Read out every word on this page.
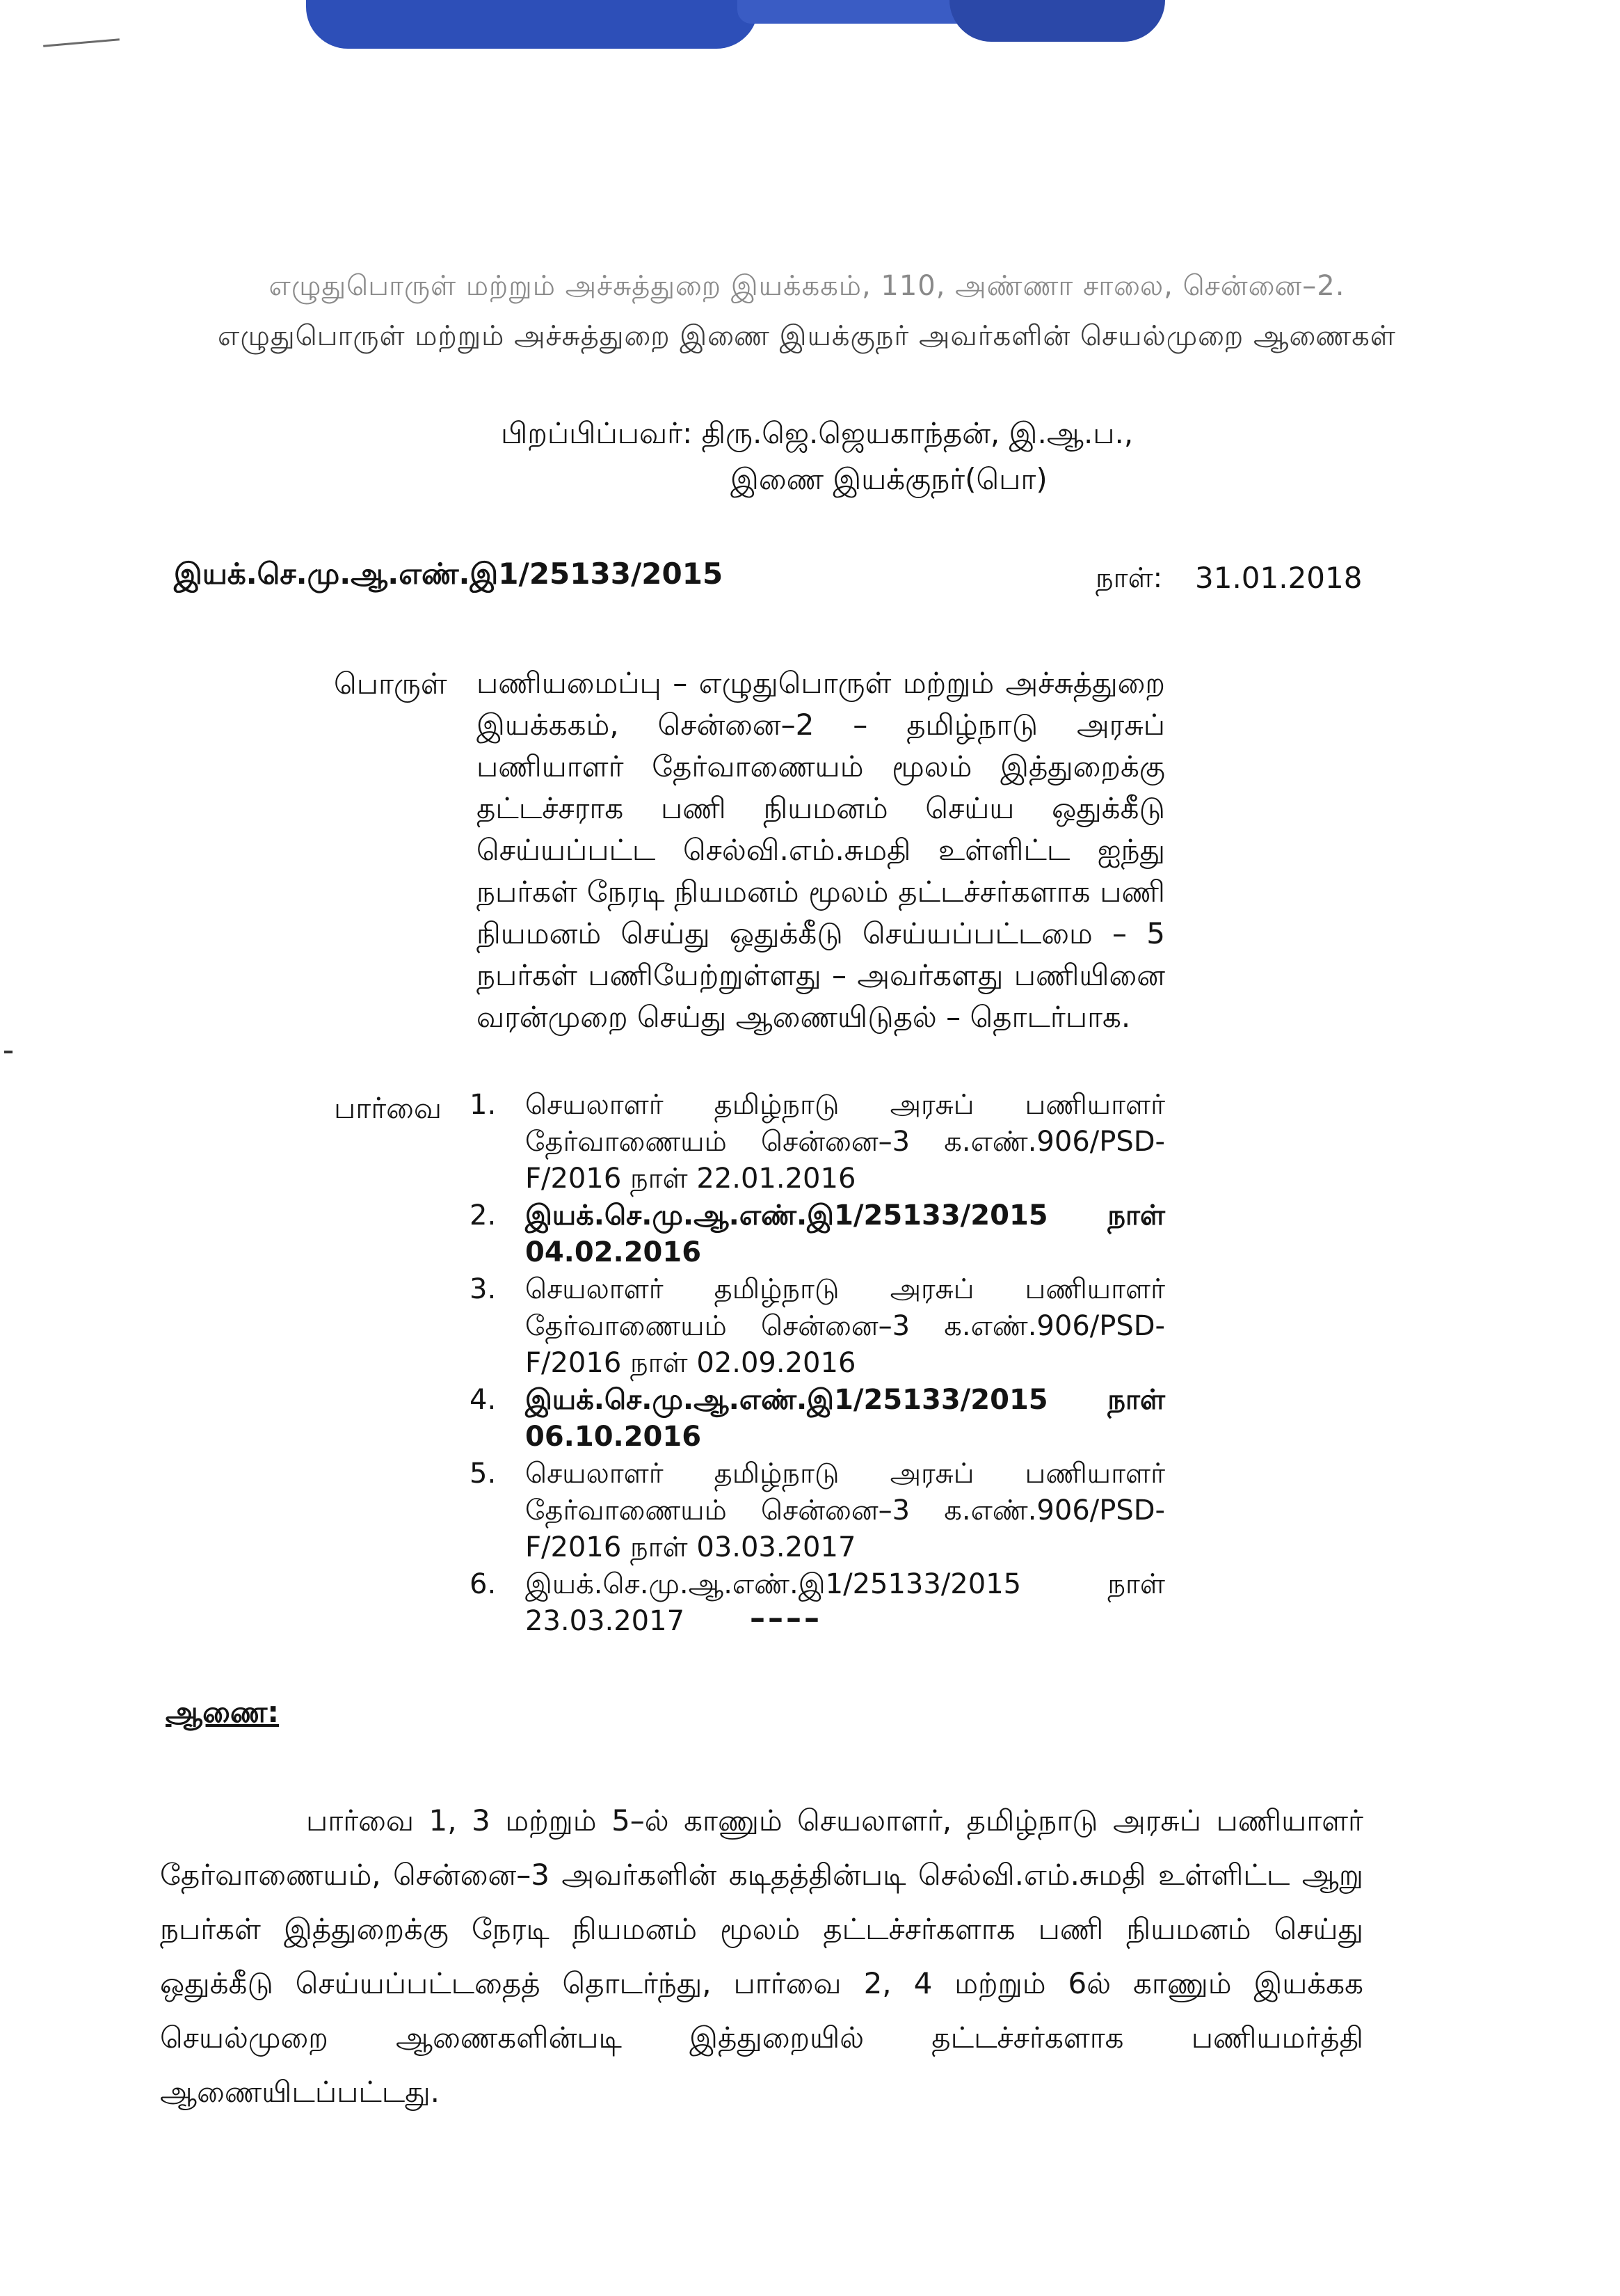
எழுதுபொருள் மற்றும் அச்சுத்துறை இயக்ககம், 110, அண்ணா சாலை, சென்னை–2.
எழுதுபொருள் மற்றும் அச்சுத்துறை இணை இயக்குநர் அவர்களின் செயல்முறை ஆணைகள்
பிறப்பிப்பவர்: திரு.ஜெ.ஜெயகாந்தன், இ.ஆ.ப.,
இணை இயக்குநர்(பொ)
இயக்.செ.மு.ஆ.எண்.இ1/25133/2015	நாள்: 31.01.2018
பொருள் பணியமைப்பு – எழுதுபொருள் மற்றும் அச்சுத்துறை இயக்ககம், சென்னை–2 – தமிழ்நாடு அரசுப் பணியாளர் தேர்வாணையம் மூலம் இத்துறைக்கு தட்டச்சராக பணி நியமனம் செய்ய ஒதுக்கீடு செய்யப்பட்ட செல்வி.எம்.சுமதி உள்ளிட்ட ஐந்து நபர்கள் நேரடி நியமனம் மூலம் தட்டச்சர்களாக பணி நியமனம் செய்து ஒதுக்கீடு செய்யப்பட்டமை – 5 நபர்கள் பணியேற்றுள்ளது – அவர்களது பணியினை வரன்முறை செய்து ஆணையிடுதல் – தொடர்பாக.
பார்வை 1.	செயலாளர் தமிழ்நாடு அரசுப் பணியாளர் தேர்வாணையம் சென்னை–3 க.எண்.906/PSD-F/2016 நாள் 22.01.2016
2.	இயக்.செ.மு.ஆ.எண்.இ1/25133/2015 நாள் 04.02.2016
3.	செயலாளர் தமிழ்நாடு அரசுப் பணியாளர் தேர்வாணையம் சென்னை–3 க.எண்.906/PSD-F/2016 நாள் 02.09.2016
4.	இயக்.செ.மு.ஆ.எண்.இ1/25133/2015 நாள் 06.10.2016
5.	செயலாளர் தமிழ்நாடு அரசுப் பணியாளர் தேர்வாணையம் சென்னை–3 க.எண்.906/PSD-F/2016 நாள் 03.03.2017
6.	இயக்.செ.மு.ஆ.எண்.இ1/25133/2015 நாள் 23.03.2017	––––
ஆணை:
பார்வை 1, 3 மற்றும் 5–ல் காணும் செயலாளர், தமிழ்நாடு அரசுப் பணியாளர் தேர்வாணையம், சென்னை–3 அவர்களின் கடிதத்தின்படி செல்வி.எம்.சுமதி உள்ளிட்ட ஆறு நபர்கள் இத்துறைக்கு நேரடி நியமனம் மூலம் தட்டச்சர்களாக பணி நியமனம் செய்து ஒதுக்கீடு செய்யப்பட்டதைத் தொடர்ந்து, பார்வை 2, 4 மற்றும் 6ல் காணும் இயக்கக செயல்முறை ஆணைகளின்படி இத்துறையில் தட்டச்சர்களாக பணியமர்த்தி ஆணையிடப்பட்டது.
